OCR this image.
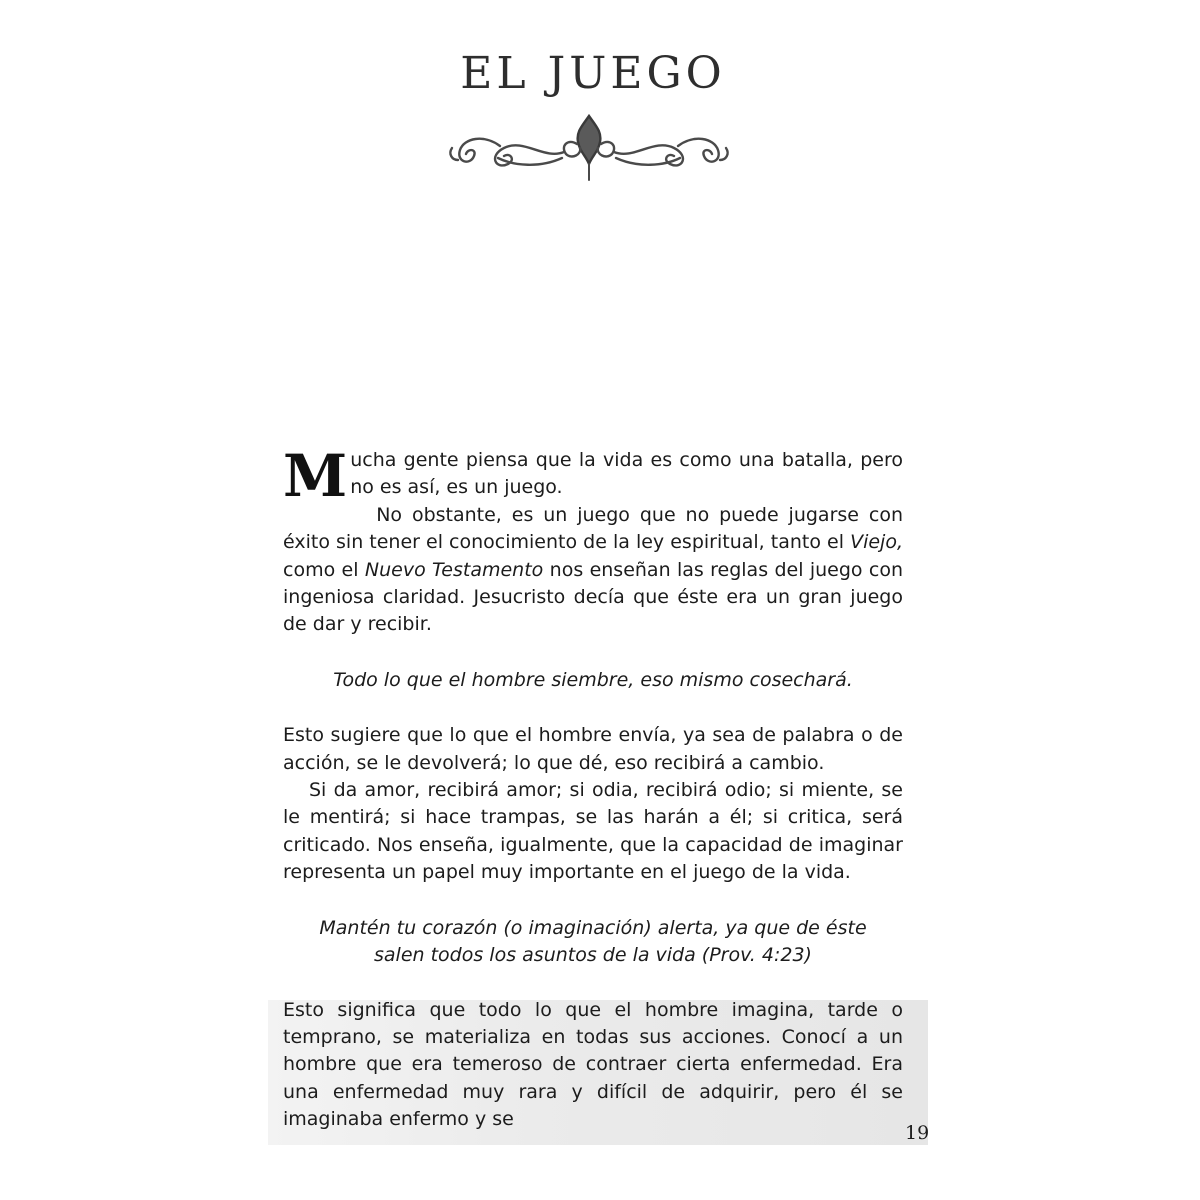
EL JUEGO

Mucha gente piensa que la vida es como una batalla, pero no es así, es un juego.

No obstante, es un juego que no puede jugarse con éxito sin tener el conocimiento de la ley espiritual, tanto el Viejo, como el Nuevo Testamento nos enseñan las reglas del juego con ingeniosa claridad. Jesucristo decía que éste era un gran juego de dar y recibir.

Todo lo que el hombre siembre, eso mismo cosechará.

Esto sugiere que lo que el hombre envía, ya sea de palabra o de acción, se le devolverá; lo que dé, eso recibirá a cambio.

Si da amor, recibirá amor; si odia, recibirá odio; si miente, se le mentirá; si hace trampas, se las harán a él; si critica, será criticado. Nos enseña, igualmente, que la capacidad de imaginar representa un papel muy importante en el juego de la vida.

Mantén tu corazón (o imaginación) alerta, ya que de éste

salen todos los asuntos de la vida (Prov. 4:23)

Esto significa que todo lo que el hombre imagina, tarde o temprano, se materializa en todas sus acciones. Conocí a un hombre que era temeroso de contraer cierta enfermedad. Era una enfermedad muy rara y difícil de adquirir, pero él se imaginaba enfermo y se

19
